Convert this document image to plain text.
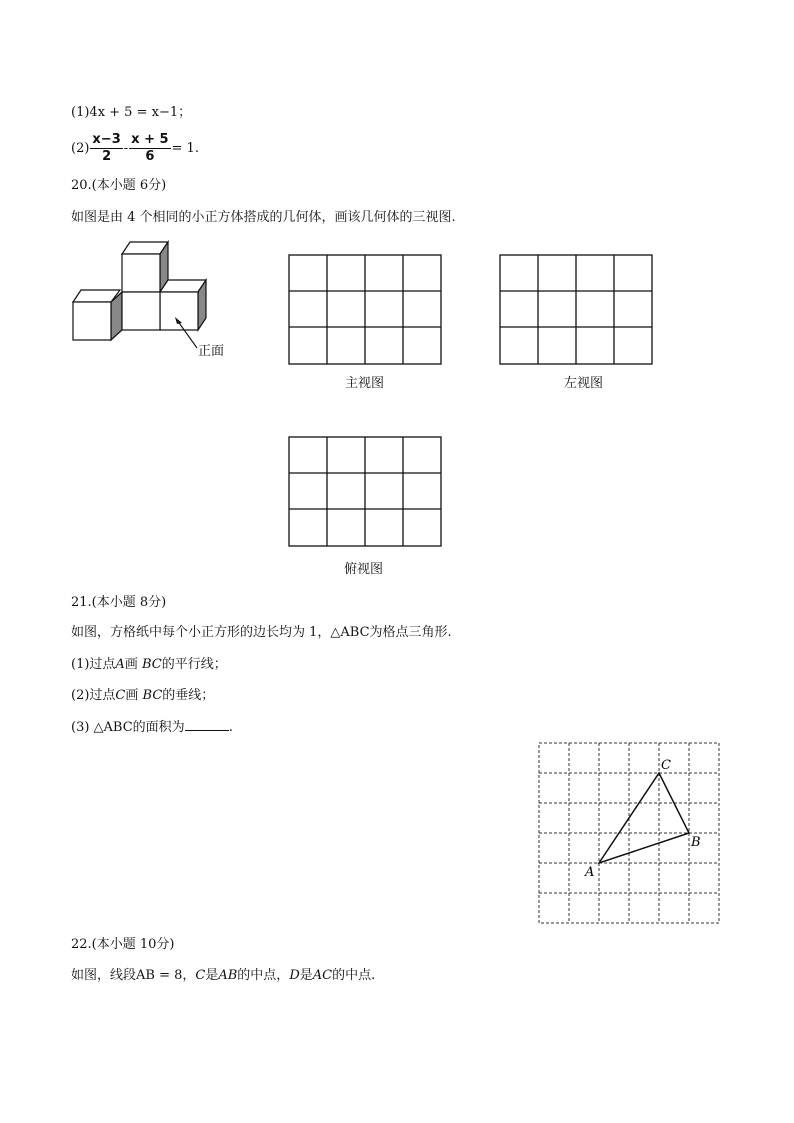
(1)4x + 5 = x−1；
$(2) \frac{x-3}{2} - \frac{x + 5}{6} = 1$.
20.(本小题 6分)
如图是由 4 个相同的小正方体搭成的几何体，画该几何体的三视图.
正面
主视图	左视图
俯视图
21.(本小题 8分)
如图，方格纸中每个小正方形的边长均为 1，△ABC为格点三角形.
(1)过点A画 BC的平行线；
(2)过点C画 BC的垂线；
(3) △ABC的面积为	.
A
B
C
22.(本小题 10分)
如图，线段AB = 8，C是AB的中点，D是AC的中点.
